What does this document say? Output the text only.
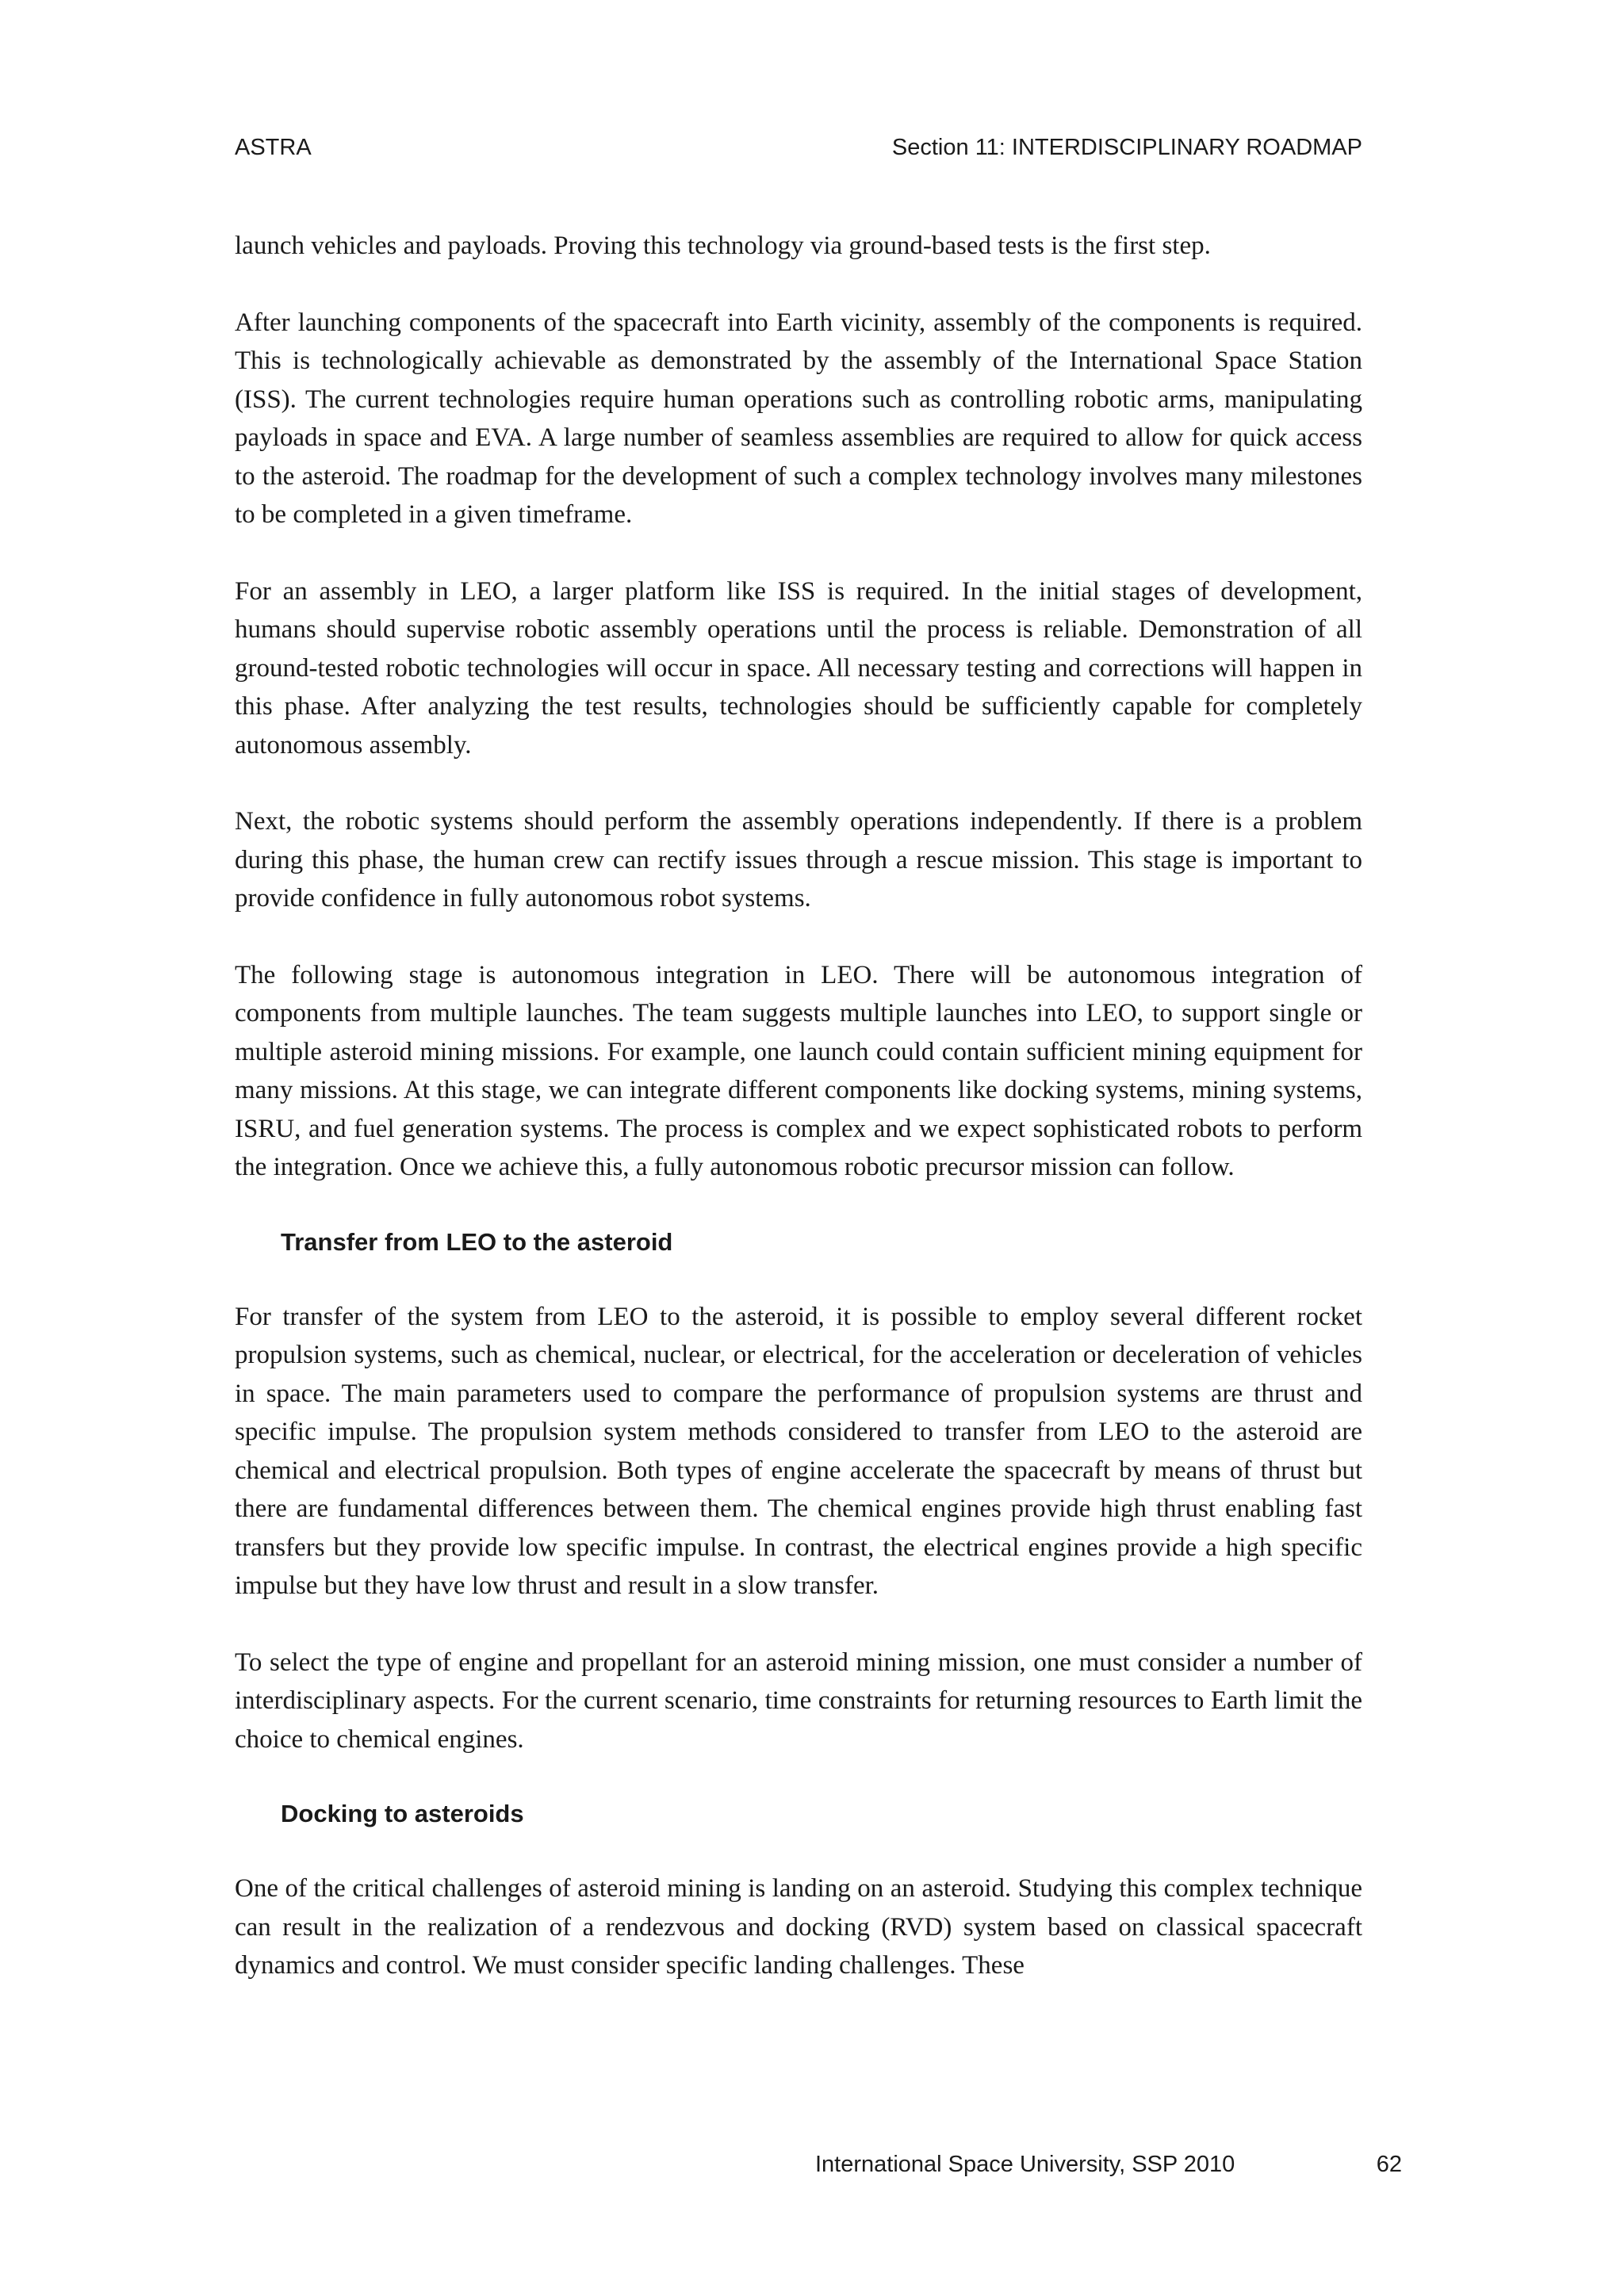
ASTRA	Section 11: INTERDISCIPLINARY ROADMAP

launch vehicles and payloads. Proving this technology via ground-based tests is the first step.

After launching components of the spacecraft into Earth vicinity, assembly of the components is required. This is technologically achievable as demonstrated by the assembly of the International Space Station (ISS). The current technologies require human operations such as controlling robotic arms, manipulating payloads in space and EVA. A large number of seamless assemblies are required to allow for quick access to the asteroid. The roadmap for the development of such a complex technology involves many milestones to be completed in a given timeframe.

For an assembly in LEO, a larger platform like ISS is required. In the initial stages of development, humans should supervise robotic assembly operations until the process is reliable. Demonstration of all ground-tested robotic technologies will occur in space. All necessary testing and corrections will happen in this phase. After analyzing the test results, technologies should be sufficiently capable for completely autonomous assembly.

Next, the robotic systems should perform the assembly operations independently. If there is a problem during this phase, the human crew can rectify issues through a rescue mission. This stage is important to provide confidence in fully autonomous robot systems.

The following stage is autonomous integration in LEO. There will be autonomous integration of components from multiple launches. The team suggests multiple launches into LEO, to support single or multiple asteroid mining missions. For example, one launch could contain sufficient mining equipment for many missions. At this stage, we can integrate different components like docking systems, mining systems, ISRU, and fuel generation systems. The process is complex and we expect sophisticated robots to perform the integration. Once we achieve this, a fully autonomous robotic precursor mission can follow.

Transfer from LEO to the asteroid

For transfer of the system from LEO to the asteroid, it is possible to employ several different rocket propulsion systems, such as chemical, nuclear, or electrical, for the acceleration or deceleration of vehicles in space. The main parameters used to compare the performance of propulsion systems are thrust and specific impulse. The propulsion system methods considered to transfer from LEO to the asteroid are chemical and electrical propulsion. Both types of engine accelerate the spacecraft by means of thrust but there are fundamental differences between them. The chemical engines provide high thrust enabling fast transfers but they provide low specific impulse. In contrast, the electrical engines provide a high specific impulse but they have low thrust and result in a slow transfer.

To select the type of engine and propellant for an asteroid mining mission, one must consider a number of interdisciplinary aspects. For the current scenario, time constraints for returning resources to Earth limit the choice to chemical engines.

Docking to asteroids

One of the critical challenges of asteroid mining is landing on an asteroid. Studying this complex technique can result in the realization of a rendezvous and docking (RVD) system based on classical spacecraft dynamics and control. We must consider specific landing challenges. These

International Space University, SSP 2010	62
